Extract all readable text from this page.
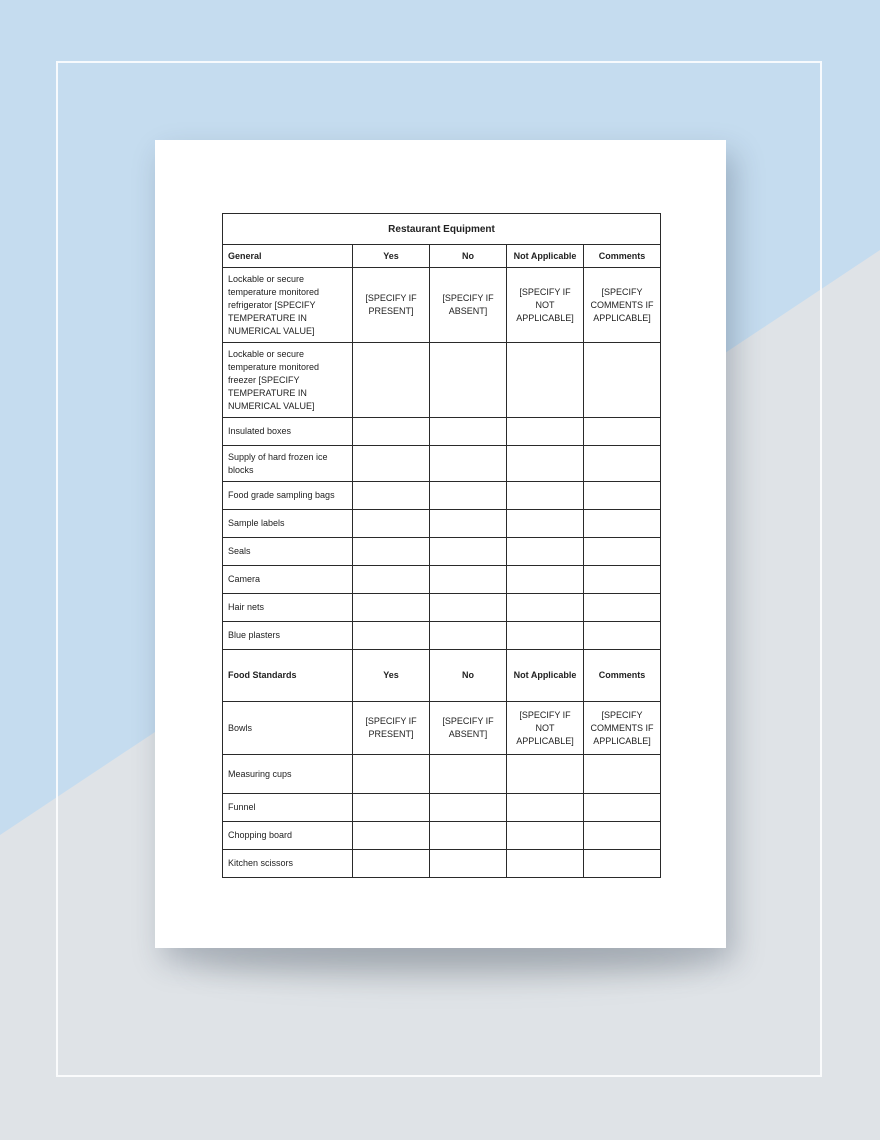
Restaurant Equipment				
General	Yes	No	Not Applicable	Comments
Lockable or secure temperature monitored refrigerator [SPECIFY TEMPERATURE IN NUMERICAL VALUE]	[SPECIFY IF PRESENT]	[SPECIFY IF ABSENT]	[SPECIFY IF NOT APPLICABLE]	[SPECIFY COMMENTS IF APPLICABLE]
Lockable or secure temperature monitored freezer [SPECIFY TEMPERATURE IN NUMERICAL VALUE]				
Insulated boxes				
Supply of hard frozen ice blocks				
Food grade sampling bags				
Sample labels				
Seals				
Camera				
Hair nets				
Blue plasters				
Food Standards	Yes	No	Not Applicable	Comments
Bowls	[SPECIFY IF PRESENT]	[SPECIFY IF ABSENT]	[SPECIFY IF NOT APPLICABLE]	[SPECIFY COMMENTS IF APPLICABLE]
Measuring cups				
Funnel				
Chopping board				
Kitchen scissors				
